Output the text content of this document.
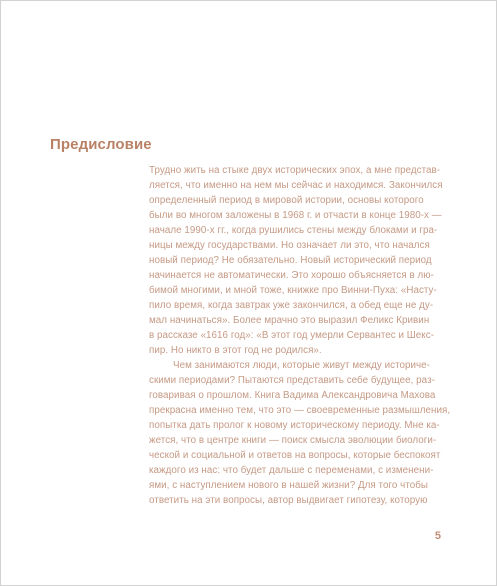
Предисловие
Трудно жить на стыке двух исторических эпох, а мне представ-
ляется, что именно на нем мы сейчас и находимся. Закончился
определенный период в мировой истории, основы которого
были во многом заложены в 1968 г. и отчасти в конце 1980-х —
начале 1990-х гг., когда рушились стены между блоками и гра-
ницы между государствами. Но означает ли это, что начался
новый период? Не обязательно. Новый исторический период
начинается не автоматически. Это хорошо объясняется в лю-
бимой многими, и мной тоже, книжке про Винни-Пуха: «Насту-
пило время, когда завтрак уже закончился, а обед еще не ду-
мал начинаться». Более мрачно это выразил Феликс Кривин
в рассказе «1616 год»: «В этот год умерли Сервантес и Шекс-
пир. Но никто в этот год не родился».
Чем занимаются люди, которые живут между историче-
скими периодами? Пытаются представить себе будущее, раз-
говаривая о прошлом. Книга Вадима Александровича Махова
прекрасна именно тем, что это — своевременные размышления,
попытка дать пролог к новому историческому периоду. Мне ка-
жется, что в центре книги — поиск смысла эволюции биологи-
ческой и социальной и ответов на вопросы, которые беспокоят
каждого из нас: что будет дальше с переменами, с изменени-
ями, с наступлением нового в нашей жизни? Для того чтобы
ответить на эти вопросы, автор выдвигает гипотезу, которую
5
